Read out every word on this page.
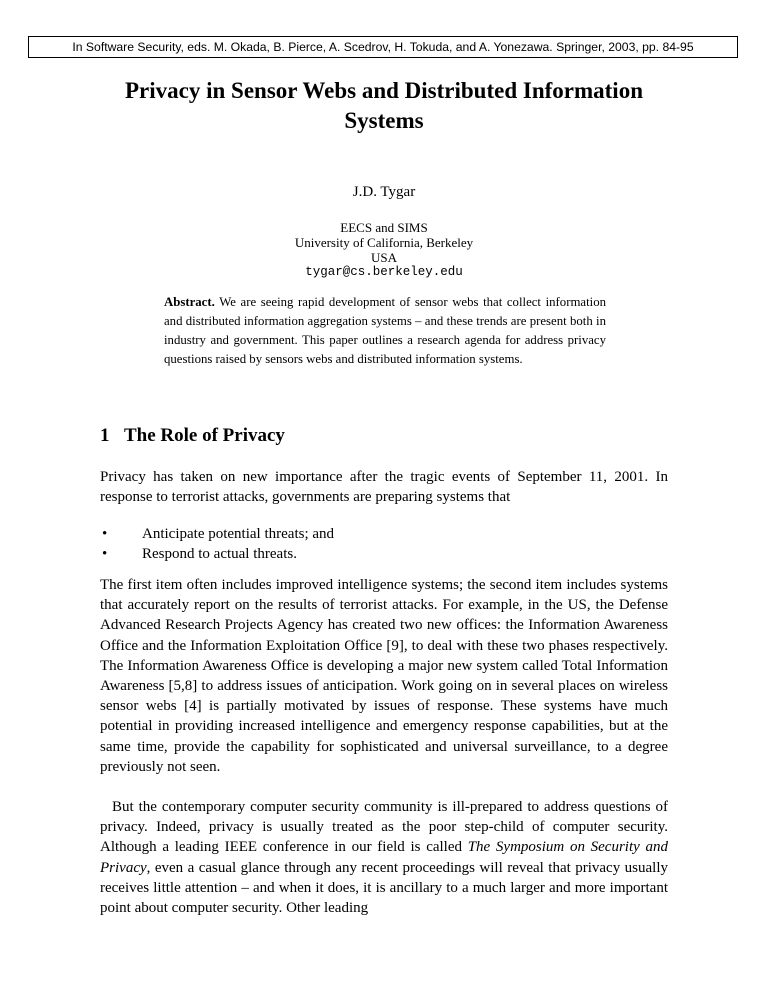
In Software Security, eds. M. Okada, B. Pierce, A. Scedrov, H. Tokuda, and A. Yonezawa. Springer, 2003, pp. 84-95
Privacy in Sensor Webs and Distributed Information
Systems
J.D. Tygar
EECS and SIMS
University of California, Berkeley
USA
tygar@cs.berkeley.edu
Abstract. We are seeing rapid development of sensor webs that collect information and distributed information aggregation systems – and these trends are present both in industry and government. This paper outlines a research agenda for address privacy questions raised by sensors webs and distributed information systems.
1 The Role of Privacy
Privacy has taken on new importance after the tragic events of September 11, 2001. In response to terrorist attacks, governments are preparing systems that
• Anticipate potential threats; and
• Respond to actual threats.
The first item often includes improved intelligence systems; the second item includes systems that accurately report on the results of terrorist attacks. For example, in the US, the Defense Advanced Research Projects Agency has created two new offices: the Information Awareness Office and the Information Exploitation Office [9], to deal with these two phases respectively. The Information Awareness Office is developing a major new system called Total Information Awareness [5,8] to address issues of anticipation. Work going on in several places on wireless sensor webs [4] is partially motivated by issues of response. These systems have much potential in providing increased intelligence and emergency response capabilities, but at the same time, provide the capability for sophisticated and universal surveillance, to a degree previously not seen.
But the contemporary computer security community is ill-prepared to address questions of privacy. Indeed, privacy is usually treated as the poor step-child of computer security. Although a leading IEEE conference in our field is called The Symposium on Security and Privacy, even a casual glance through any recent proceedings will reveal that privacy usually receives little attention – and when it does, it is ancillary to a much larger and more important point about computer security. Other leading
